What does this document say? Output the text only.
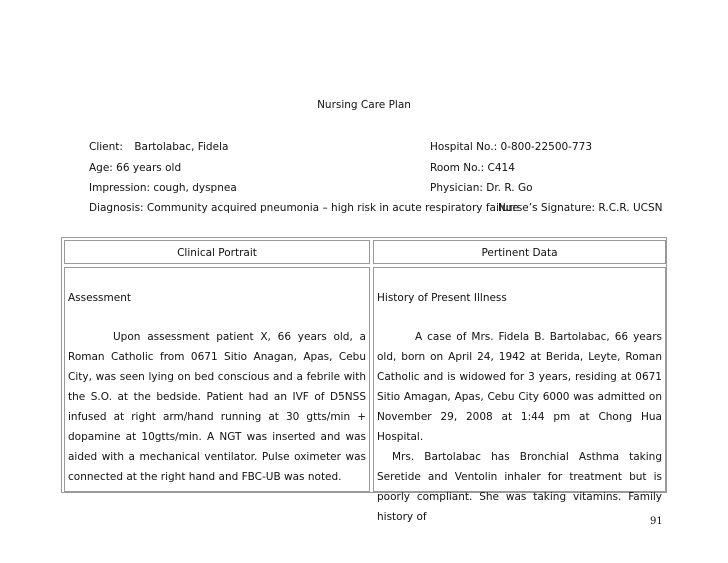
Nursing Care Plan
Client: Bartolabac, Fidela
Age: 66 years old
Impression: cough, dyspnea
Diagnosis: Community acquired pneumonia – high risk in acute respiratory failure
Hospital No.: 0-800-22500-773
Room No.: C414
Physician: Dr. R. Go
Nurse’s Signature: R.C.R. UCSN
Clinical Portrait	Pertinent Data
Assessment

Upon assessment patient X, 66 years old, a Roman Catholic from 0671 Sitio Anagan, Apas, Cebu City, was seen lying on bed conscious and a febrile with the S.O. at the bedside. Patient had an IVF of D5NSS infused at right arm/hand running at 30 gtts/min + dopamine at 10gtts/min. A NGT was inserted and was aided with a mechanical ventilator. Pulse oximeter was connected at the right hand and FBC-UB was noted.

History of Present Illness

A case of Mrs. Fidela B. Bartolabac, 66 years old, born on April 24, 1942 at Berida, Leyte, Roman Catholic and is widowed for 3 years, residing at 0671 Sitio Amagan, Apas, Cebu City 6000 was admitted on November 29, 2008 at 1:44 pm at Chong Hua Hospital.

Mrs. Bartolabac has Bronchial Asthma taking Seretide and Ventolin inhaler for treatment but is poorly compliant. She was taking vitamins. Family history of	91
